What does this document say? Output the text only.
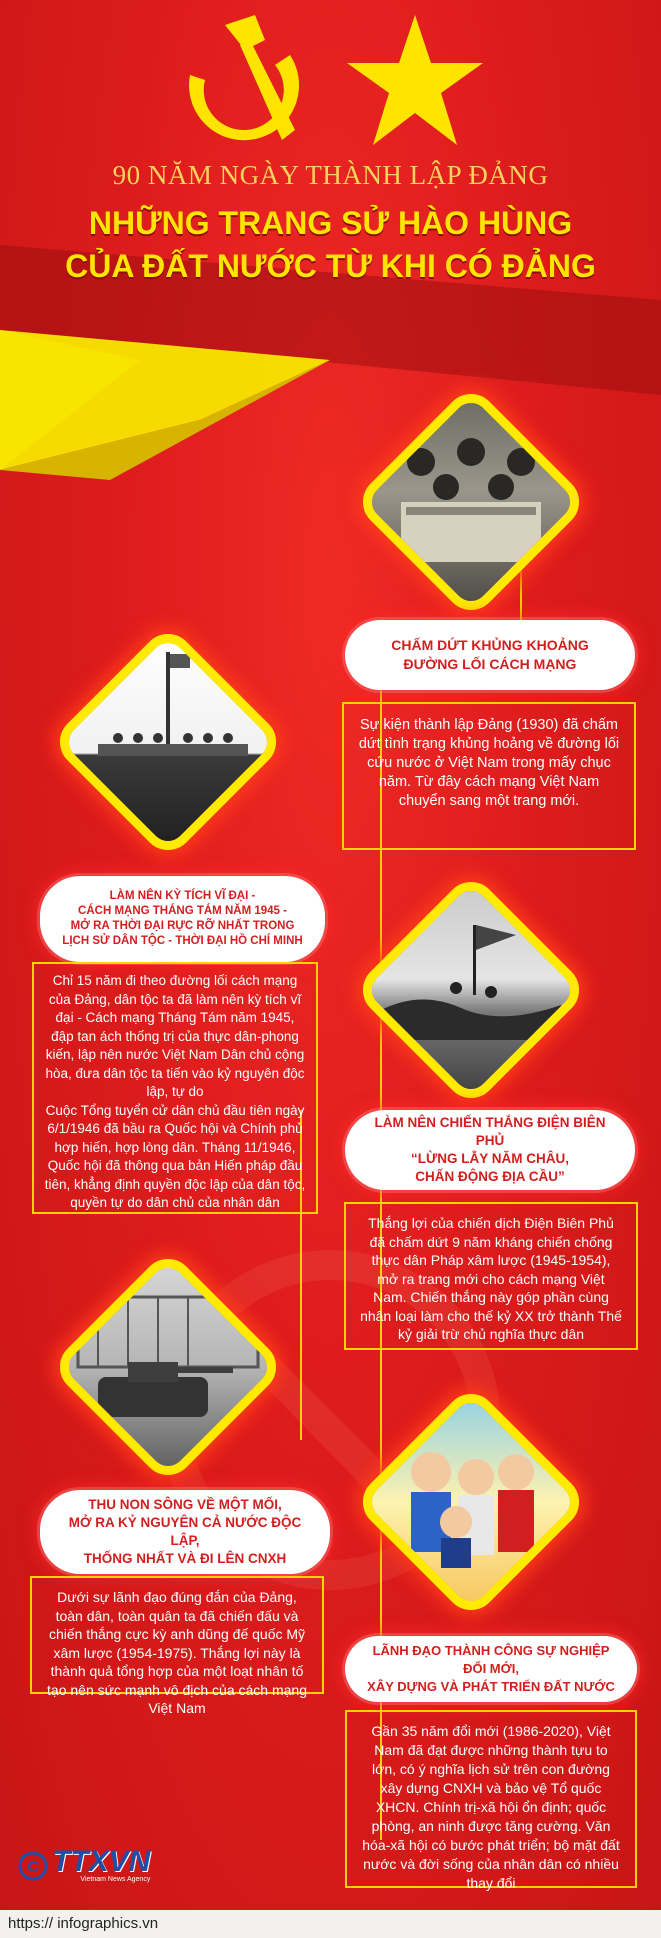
90 NĂM NGÀY THÀNH LẬP ĐẢNG
NHỮNG TRANG SỬ HÀO HÙNG
CỦA ĐẤT NƯỚC TỪ KHI CÓ ĐẢNG
CHẤM DỨT KHỦNG KHOẢNG
ĐƯỜNG LỐI CÁCH MẠNG
Sự kiện thành lập Đảng (1930) đã chấm dứt tình trạng khủng hoảng về đường lối cứu nước ở Việt Nam trong mấy chục năm. Từ đây cách mạng Việt Nam chuyển sang một trang mới.
LÀM NÊN KỲ TÍCH VĨ ĐẠI -
CÁCH MẠNG THÁNG TÁM NĂM 1945 -
MỞ RA THỜI ĐẠI RỰC RỠ NHẤT TRONG
LỊCH SỬ DÂN TỘC - THỜI ĐẠI HỒ CHÍ MINH
Chỉ 15 năm đi theo đường lối cách mạng của Đảng, dân tộc ta đã làm nên kỳ tích vĩ đại - Cách mạng Tháng Tám năm 1945, đập tan ách thống trị của thực dân-phong kiến, lập nên nước Việt Nam Dân chủ cộng hòa, đưa dân tộc ta tiến vào kỷ nguyên độc lập, tự do
Cuộc Tổng tuyển cử dân chủ đầu tiên ngày 6/1/1946 đã bầu ra Quốc hội và Chính phủ hợp hiến, hợp lòng dân. Tháng 11/1946, Quốc hội đã thông qua bản Hiến pháp đầu tiên, khẳng định quyền độc lập của dân tộc, quyền tự do dân chủ của nhân dân
LÀM NÊN CHIẾN THẮNG ĐIỆN BIÊN PHỦ
“LỪNG LẪY NĂM CHÂU,
CHẤN ĐỘNG ĐỊA CẦU”
Thắng lợi của chiến dịch Điện Biên Phủ đã chấm dứt 9 năm kháng chiến chống thực dân Pháp xâm lược (1945-1954), mở ra trang mới cho cách mạng Việt Nam. Chiến thắng này góp phần cùng nhân loại làm cho thế kỷ XX trở thành Thế kỷ giải trừ chủ nghĩa thực dân
THU NON SÔNG VỀ MỘT MỐI,
MỞ RA KỶ NGUYÊN CẢ NƯỚC ĐỘC LẬP,
THỐNG NHẤT VÀ ĐI LÊN CNXH
Dưới sự lãnh đạo đúng đắn của Đảng, toàn dân, toàn quân ta đã chiến đấu và chiến thắng cực kỳ anh dũng đế quốc Mỹ xâm lược (1954-1975). Thắng lợi này là thành quả tổng hợp của một loạt nhân tố tạo nên sức mạnh vô địch của cách mạng Việt Nam
LÃNH ĐẠO THÀNH CÔNG SỰ NGHIỆP ĐỔI MỚI,
XÂY DỰNG VÀ PHÁT TRIỂN ĐẤT NƯỚC
Gần 35 năm đổi mới (1986-2020), Việt Nam đã đạt được những thành tựu to lớn, có ý nghĩa lịch sử trên con đường xây dựng CNXH và bảo vệ Tổ quốc XHCN. Chính trị-xã hội ổn định; quốc phòng, an ninh được tăng cường. Văn hóa-xã hội có bước phát triển; bộ mặt đất nước và đời sống của nhân dân có nhiều thay đổi
C TTXVN
Vietnam News Agency
https:// infographics.vn
